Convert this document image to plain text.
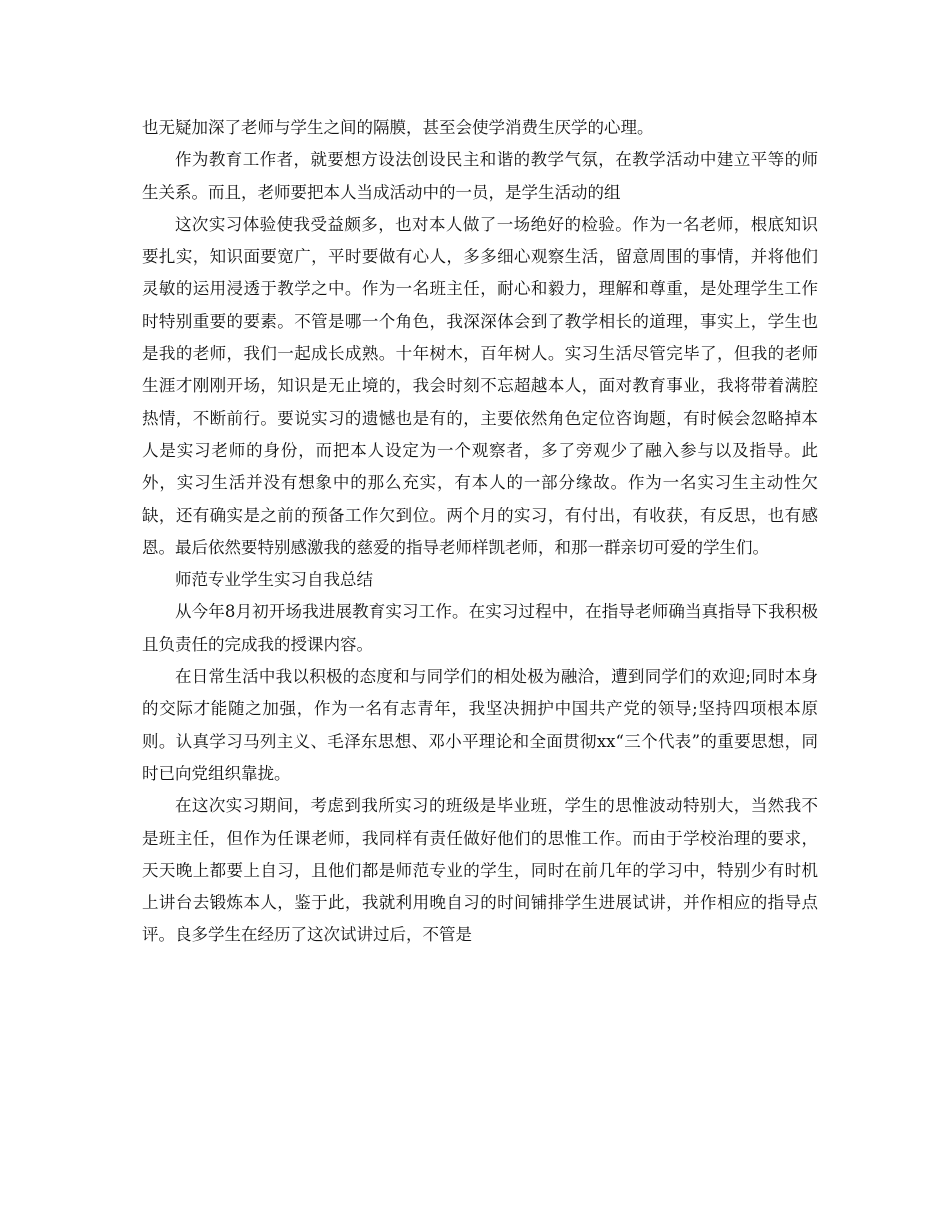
也无疑加深了老师与学生之间的隔膜，甚至会使学消费生厌学的心理。

作为教育工作者，就要想方设法创设民主和谐的教学气氛，在教学活动中建立平等的师生关系。而且，老师要把本人当成活动中的一员，是学生活动的组

这次实习体验使我受益颇多，也对本人做了一场绝好的检验。作为一名老师，根底知识要扎实，知识面要宽广，平时要做有心人，多多细心观察生活，留意周围的事情，并将他们灵敏的运用浸透于教学之中。作为一名班主任，耐心和毅力，理解和尊重，是处理学生工作时特别重要的要素。不管是哪一个角色，我深深体会到了教学相长的道理，事实上，学生也是我的老师，我们一起成长成熟。十年树木，百年树人。实习生活尽管完毕了，但我的老师生涯才刚刚开场，知识是无止境的，我会时刻不忘超越本人，面对教育事业，我将带着满腔热情，不断前行。要说实习的遗憾也是有的，主要依然角色定位咨询题，有时候会忽略掉本人是实习老师的身份，而把本人设定为一个观察者，多了旁观少了融入参与以及指导。此外，实习生活并没有想象中的那么充实，有本人的一部分缘故。作为一名实习生主动性欠缺，还有确实是之前的预备工作欠到位。两个月的实习，有付出，有收获，有反思，也有感恩。最后依然要特别感激我的慈爱的指导老师样凯老师，和那一群亲切可爱的学生们。

师范专业学生实习自我总结

从今年8月初开场我进展教育实习工作。在实习过程中，在指导老师确当真指导下我积极且负责任的完成我的授课内容。

在日常生活中我以积极的态度和与同学们的相处极为融洽，遭到同学们的欢迎;同时本身的交际才能随之加强，作为一名有志青年，我坚决拥护中国共产党的领导;坚持四项根本原则。认真学习马列主义、毛泽东思想、邓小平理论和全面贯彻xx“三个代表”的重要思想，同时已向党组织靠拢。

在这次实习期间，考虑到我所实习的班级是毕业班，学生的思惟波动特别大，当然我不是班主任，但作为任课老师，我同样有责任做好他们的思惟工作。而由于学校治理的要求，天天晚上都要上自习，且他们都是师范专业的学生，同时在前几年的学习中，特别少有时机上讲台去锻炼本人，鉴于此，我就利用晚自习的时间铺排学生进展试讲，并作相应的指导点评。良多学生在经历了这次试讲过后，不管是
